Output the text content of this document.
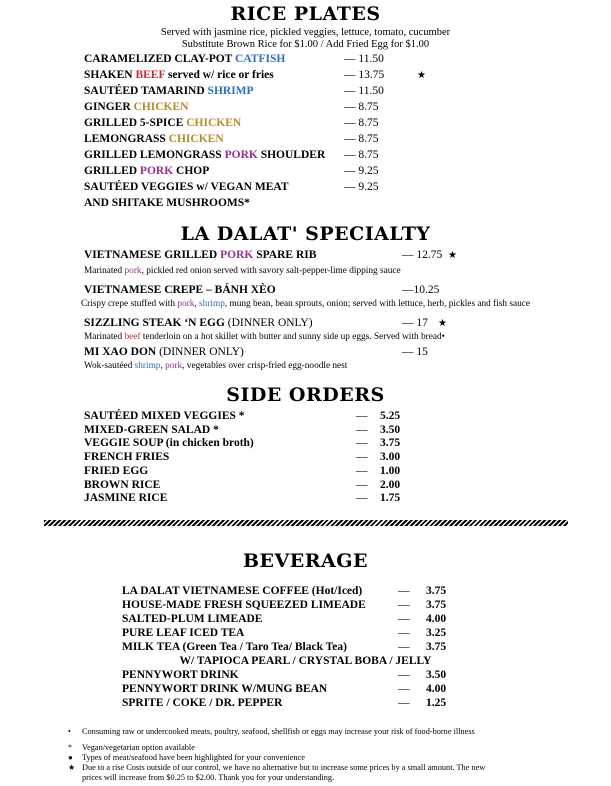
RICE PLATES
Served with jasmine rice, pickled veggies, lettuce, tomato, cucumber
Substitute Brown Rice for $1.00 / Add Fried Egg for $1.00
CARAMELIZED CLAY-POT CATFISH	— 11.50
SHAKEN BEEF served w/ rice or fries	— 13.75	★
SAUTÉED TAMARIND SHRIMP	— 11.50
GINGER CHICKEN	— 8.75
GRILLED 5-SPICE CHICKEN	— 8.75
LEMONGRASS CHICKEN	— 8.75
GRILLED LEMONGRASS PORK SHOULDER — 8.75
GRILLED PORK CHOP	— 9.25
SAUTÉED VEGGIES w/ VEGAN MEAT	— 9.25
AND SHITAKE MUSHROOMS*
LA DALAT' SPECIALTY
VIETNAMESE GRILLED PORK SPARE RIB	— 12.75 ★
Marinated pork, pickled red onion served with savory salt-pepper-lime dipping sauce
VIETNAMESE CREPE – BÁNH XÈO	—10.25
Crispy crepe stuffed with pork, shrimp, mung bean, bean sprouts, onion; served with lettuce, herb, pickles and fish sauce
SIZZLING STEAK ‘N EGG (DINNER ONLY)	— 17 ★
Marinated beef tenderloin on a hot skillet with butter and sunny side up eggs. Served with bread•
MI XAO DON (DINNER ONLY)	— 15
Wok-sautéed shrimp, pork, vegetables over crisp-fried egg-noodle nest
SIDE ORDERS
SAUTÉED MIXED VEGGIES *	— 5.25
MIXED-GREEN SALAD *	— 3.50
VEGGIE SOUP (in chicken broth)	— 3.75
FRENCH FRIES	— 3.00
FRIED EGG	— 1.00
BROWN RICE	— 2.00
JASMINE RICE	— 1.75
BEVERAGE
LA DALAT VIETNAMESE COFFEE (Hot/Iced)	— 3.75
HOUSE-MADE FRESH SQUEEZED LIMEADE	— 3.75
SALTED-PLUM LIMEADE	— 4.00
PURE LEAF ICED TEA	— 3.25
MILK TEA (Green Tea / Taro Tea/ Black Tea)	— 3.75
PENNYWORT DRINK	— 3.50
PENNYWORT DRINK W/MUNG BEAN	— 4.00
SPRITE / COKE / DR. PEPPER	— 1.25
W/ TAPIOCA PEARL / CRYSTAL BOBA / JELLY
• Consuming raw or undercooked meats, poultry, seafood, shellfish or eggs may increase your risk of food-borne illness
* Vegan/vegetarian option available
● Types of meat/seafood have been highlighted for your convenience
★ Due to a rise Costs outside of our control, we have no alternative but to increase some prices by a small amount. The new
prices will increase from $0.25 to $2.00. Thank you for your understanding.
